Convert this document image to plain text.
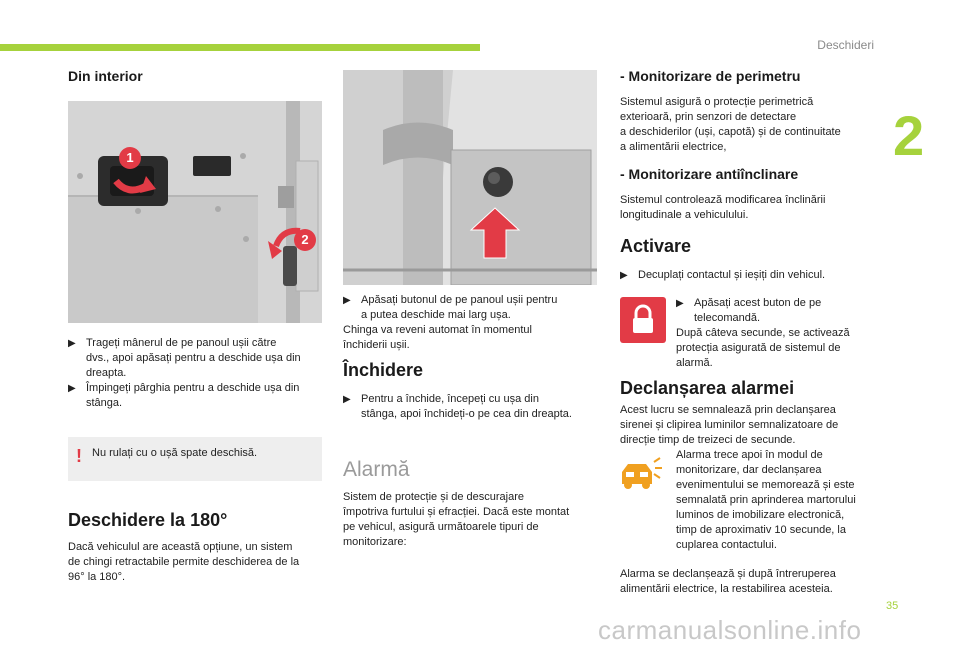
Deschideri
2
Din interior
1
2
▶ Trageți mânerul de pe panoul ușii către
dvs., apoi apăsați pentru a deschide ușa din
dreapta.
▶ Împingeți pârghia pentru a deschide ușa din
stânga.
! Nu rulați cu o ușă spate deschisă.
Deschidere la 180°
Dacă vehiculul are această opțiune, un sistem
de chingi retractabile permite deschiderea de la
96° la 180°.
▶ Apăsați butonul de pe panoul ușii pentru
a putea deschide mai larg ușa.
Chinga va reveni automat în momentul
închiderii ușii.
Închidere
▶ Pentru a închide, începeți cu ușa din
stânga, apoi închideți-o pe cea din dreapta.
Alarmă
Sistem de protecție și de descurajare
împotriva furtului și efracției. Dacă este montat
pe vehicul, asigură următoarele tipuri de
monitorizare:
- Monitorizare de perimetru
Sistemul asigură o protecție perimetrică
exterioară, prin senzori de detectare
a deschiderilor (uși, capotă) și de continuitate
a alimentării electrice,
- Monitorizare antiînclinare
Sistemul controlează modificarea înclinării
longitudinale a vehiculului.
Activare
▶ Decuplați contactul și ieșiți din vehicul.
▶ Apăsați acest buton de pe
telecomandă.
După câteva secunde, se activează
protecția asigurată de sistemul de
alarmă.
Declanșarea alarmei
Acest lucru se semnalează prin declanșarea
sirenei și clipirea luminilor semnalizatoare de
direcție timp de treizeci de secunde.
Alarma trece apoi în modul de
monitorizare, dar declanșarea
evenimentului se memorează și este
semnalată prin aprinderea martorului
luminos de imobilizare electronică,
timp de aproximativ 10 secunde, la
cuplarea contactului.
Alarma se declanșează și după întreruperea
alimentării electrice, la restabilirea acesteia.
35
carmanualsonline.info
